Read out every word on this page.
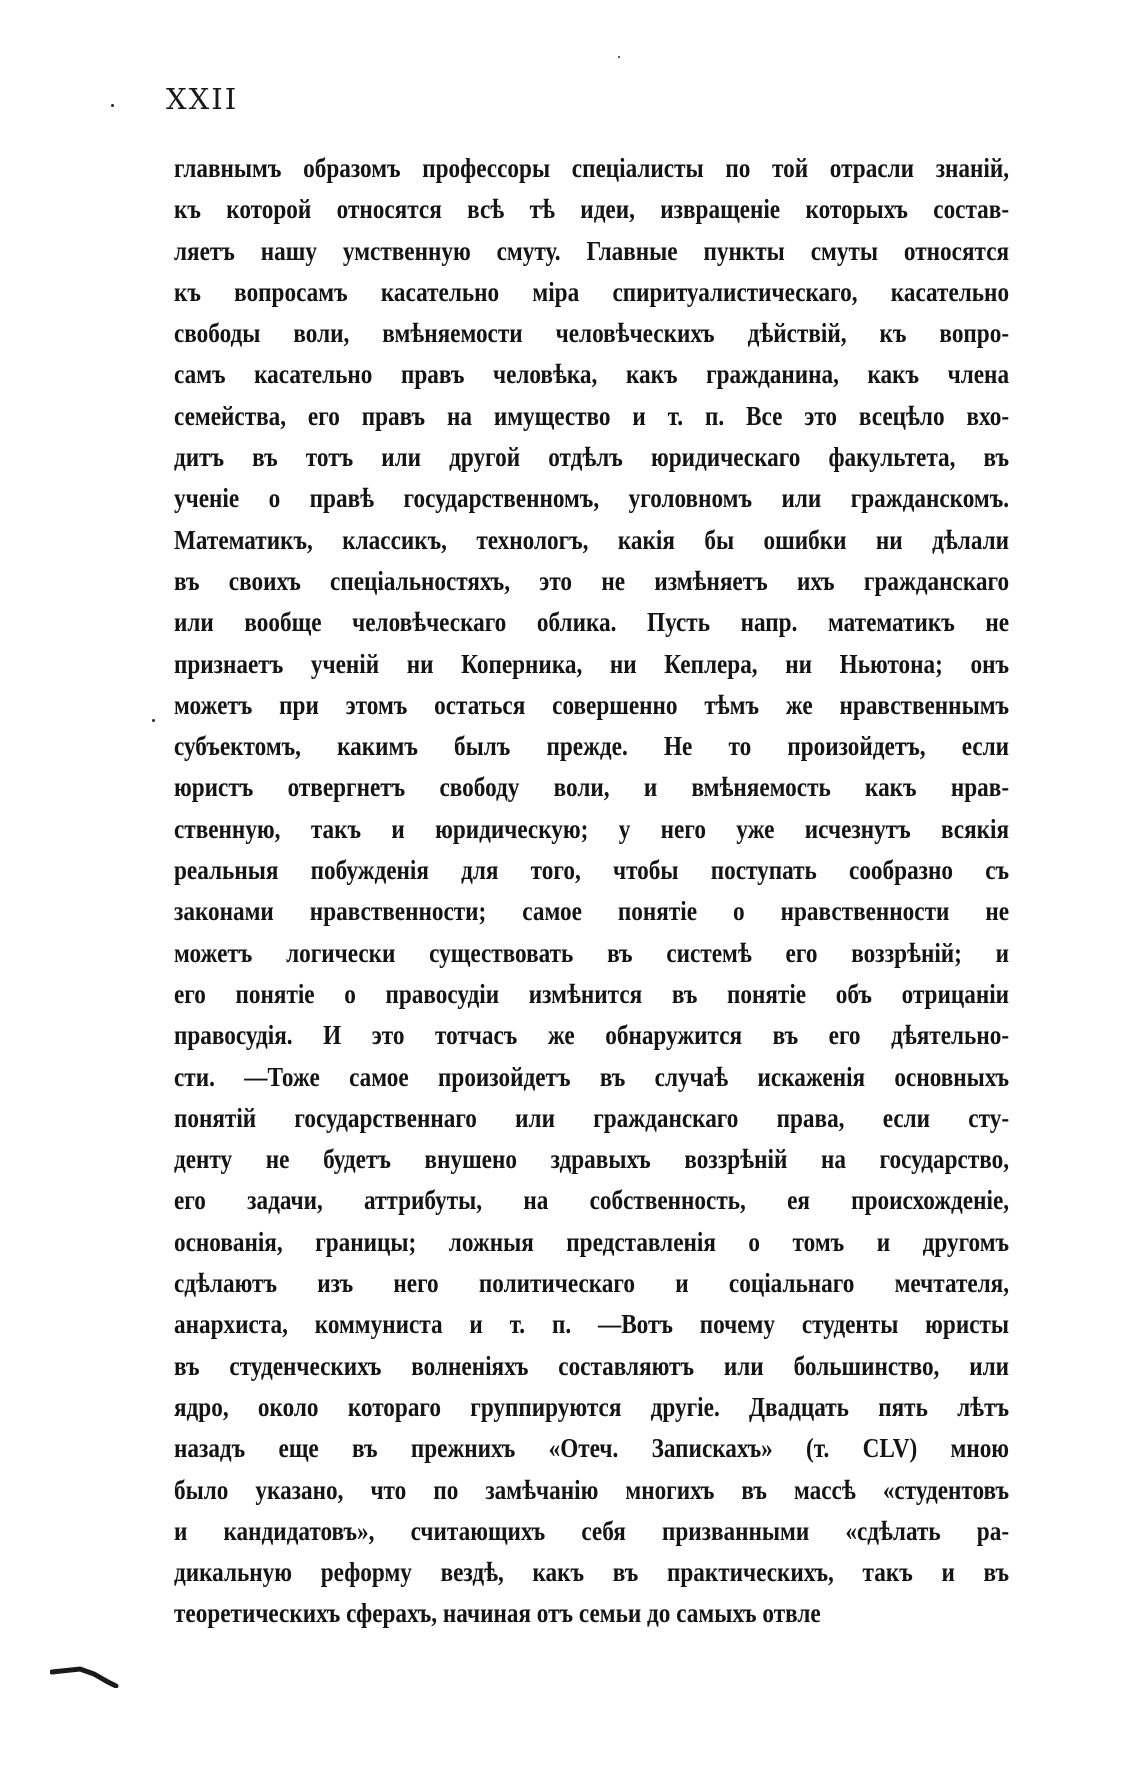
XXII
главнымъ образомъ профессоры спеціалисты по той отрасли знаній,
къ которой относятся всѣ тѣ идеи, извращеніе которыхъ состав-
ляетъ нашу умственную смуту. Главные пункты смуты относятся
къ вопросамъ касательно міра спиритуалистическаго, касательно
свободы воли, вмѣняемости человѣческихъ дѣйствій, къ вопро-
самъ касательно правъ человѣка, какъ гражданина, какъ члена
семейства, его правъ на имущество и т. п. Все это всецѣло вхо-
дитъ въ тотъ или другой отдѣлъ юридическаго факультета, въ
ученіе о правѣ государственномъ, уголовномъ или гражданскомъ.
Математикъ, классикъ, технологъ, какія бы ошибки ни дѣлали
въ своихъ спеціальностяхъ, это не измѣняетъ ихъ гражданскаго
или вообще человѣческаго облика. Пусть напр. математикъ не
признаетъ ученій ни Коперника, ни Кеплера, ни Ньютона; онъ
можетъ при этомъ остаться совершенно тѣмъ же нравственнымъ
субъектомъ, какимъ былъ прежде. Не то произойдетъ, если
юристъ отвергнетъ свободу воли, и вмѣняемость какъ нрав-
ственную, такъ и юридическую; у него уже исчезнутъ всякія
реальныя побужденія для того, чтобы поступать сообразно съ
законами нравственности; самое понятіе о нравственности не
можетъ логически существовать въ системѣ его воззрѣній; и
его понятіе о правосудіи измѣнится въ понятіе объ отрицаніи
правосудія. И это тотчасъ же обнаружится въ его дѣятельно-
сти. —Тоже самое произойдетъ въ случаѣ искаженія основныхъ
понятій государственнаго или гражданскаго права, если сту-
денту не будетъ внушено здравыхъ воззрѣній на государство,
его задачи, аттрибуты, на собственность, ея происхожденіе,
основанія, границы; ложныя представленія о томъ и другомъ
сдѣлаютъ изъ него политическаго и соціальнаго мечтателя,
анархиста, коммуниста и т. п. —Вотъ почему студенты юристы
въ студенческихъ волненіяхъ составляютъ или большинство, или
ядро, около котораго группируются другіе. Двадцать пять лѣтъ
назадъ еще въ прежнихъ «Отеч. Запискахъ» (т. CLV) мною
было указано, что по замѣчанію многихъ въ массѣ «студентовъ
и кандидатовъ», считающихъ себя призванными «сдѣлать ра-
дикальную реформу вездѣ, какъ въ практическихъ, такъ и въ
теоретическихъ сферахъ, начиная отъ семьи до самыхъ отвле
